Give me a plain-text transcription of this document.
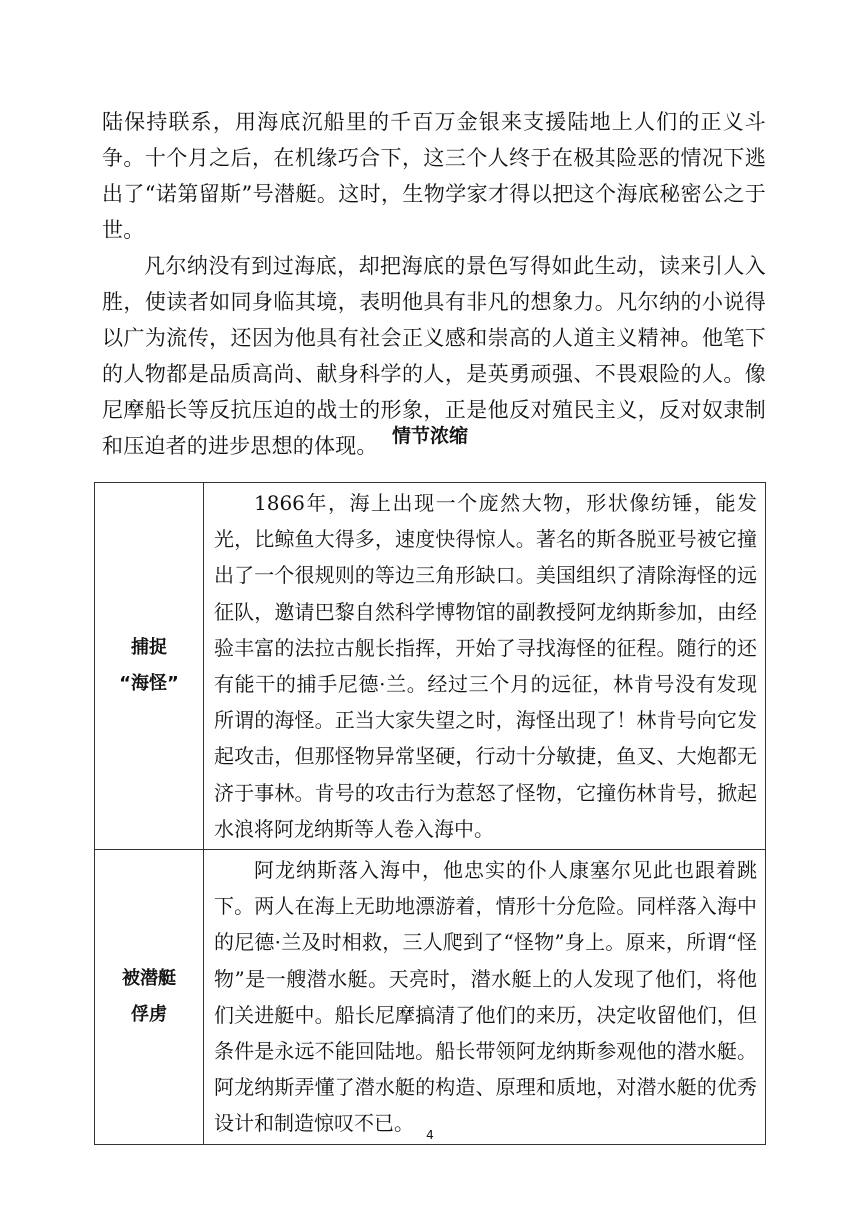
陆保持联系，用海底沉船里的千百万金银来支援陆地上人们的正义斗争。十个月之后，在机缘巧合下，这三个人终于在极其险恶的情况下逃出了“诺第留斯”号潜艇。这时，生物学家才得以把这个海底秘密公之于世。

凡尔纳没有到过海底，却把海底的景色写得如此生动，读来引人入胜，使读者如同身临其境，表明他具有非凡的想象力。凡尔纳的小说得以广为流传，还因为他具有社会正义感和崇高的人道主义精神。他笔下的人物都是品质高尚、献身科学的人，是英勇顽强、不畏艰险的人。像尼摩船长等反抗压迫的战士的形象，正是他反对殖民主义，反对奴隶制和压迫者的进步思想的体现。 情节浓缩
捕捉
“海怪”	1866年，海上出现一个庞然大物，形状像纺锤，能发光，比鲸鱼大得多，速度快得惊人。著名的斯各脱亚号被它撞出了一个很规则的等边三角形缺口。美国组织了清除海怪的远征队，邀请巴黎自然科学博物馆的副教授阿龙纳斯参加，由经验丰富的法拉古舰长指挥，开始了寻找海怪的征程。随行的还有能干的捕手尼德·兰。经过三个月的远征，林肯号没有发现所谓的海怪。正当大家失望之时，海怪出现了！林肯号向它发起攻击，但那怪物异常坚硬，行动十分敏捷，鱼叉、大炮都无济于事林。肯号的攻击行为惹怒了怪物，它撞伤林肯号，掀起水浪将阿龙纳斯等人卷入海中。

被潜艇
俘虏	阿龙纳斯落入海中，他忠实的仆人康塞尔见此也跟着跳下。两人在海上无助地漂游着，情形十分危险。同样落入海中的尼德·兰及时相救，三人爬到了“怪物”身上。原来，所谓“怪物”是一艘潜水艇。天亮时，潜水艇上的人发现了他们，将他们关进艇中。船长尼摩搞清了他们的来历，决定收留他们，但条件是永远不能回陆地。船长带领阿龙纳斯参观他的潜水艇。阿龙纳斯弄懂了潜水艇的构造、原理和质地，对潜水艇的优秀设计和制造惊叹不已。	4
